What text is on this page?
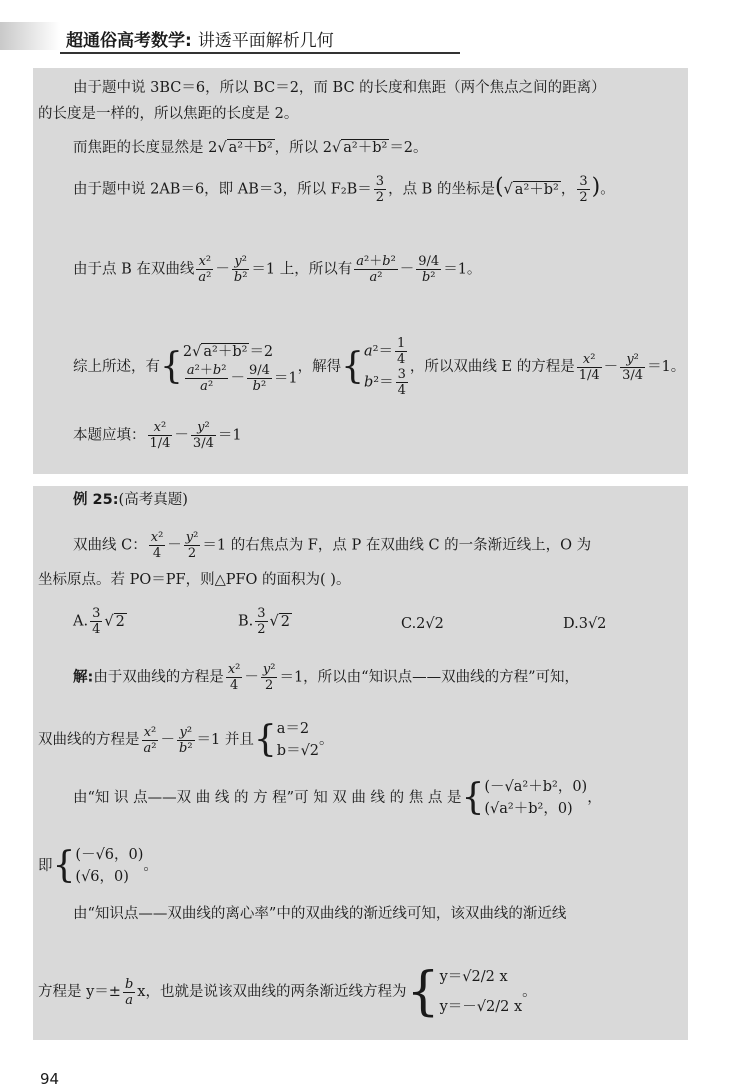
超通俗高考数学: 讲透平面解析几何
由于题中说 3BC＝6，所以 BC＝2，而 BC 的长度和焦距（两个焦点之间的距离）
的长度是一样的，所以焦距的长度是 2。
而焦距的长度显然是 2√ a²＋b² ，所以 2√ a²＋b² ＝2。
由于题中说 2AB＝6，即 AB＝3，所以 $F_2B= \frac{3}{2}$ ，点 B 的坐标是(√ a²＋b² ， $\frac{3}{2}$ )。
由于点 B 在双曲线 $\frac{\text{x²}}{\text{a²}} - \frac{\text{y²}}{\text{b²}} =1$ 上，所以有 $\frac{\text{a²＋b²}}{\text{a²}} - \frac{9/4}{\text{b²}} =1$。
综上所述，有{ 2√ a²＋b² ＝2
$\frac{\text{a²＋b²}}{\text{a²}} - \frac{9/4}{\text{b²}} =1$
，解得{ $a^2= \frac{1}{4}$
$b^2= \frac{3}{4}$ ，所以双曲线 E 的方程是 $\frac{\text{x²}}{1/4} - \frac{\text{y²}}{3/4} =1$。
本题应填： $\frac{\text{x²}}{1/4} - \frac{\text{y²}}{3/4} =1$
例 25:(高考真题)
双曲线 C： $\frac{\text{x²}}{4} - \frac{\text{y²}}{2} =1$ 的右焦点为 F，点 P 在双曲线 C 的一条渐近线上，O 为
坐标原点。若 PO＝PF，则△PFO 的面积为( )。
A. $\frac{3}{4}$ √ 2	B. $\frac{3}{2}$ √ 2	C.2√2	D.3√2
解:由于双曲线的方程是 $\frac{\text{x²}}{4} - \frac{\text{y²}}{2} =1$，所以由“知识点——双曲线的方程”可知，
双曲线的方程是 $\frac{\text{x²}}{\text{a²}} - \frac{\text{y²}}{\text{b²}} =1$ 并且{ a＝2
b＝√2
。
由“知 识 点——双 曲 线 的 方 程”可 知 双 曲 线 的 焦 点 是{ (－√a²＋b²，0)
(√a²＋b²，0)
，
即{ (－√6，0)
(√6，0)
。
由“知识点——双曲线的离心率”中的双曲线的渐近线可知，该双曲线的渐近线
方程是 $y=\pm \frac{b}{a}$ x，也就是说该双曲线的两条渐近线方程为{ y＝√2/2 x
y＝－√2/2 x
。
94
